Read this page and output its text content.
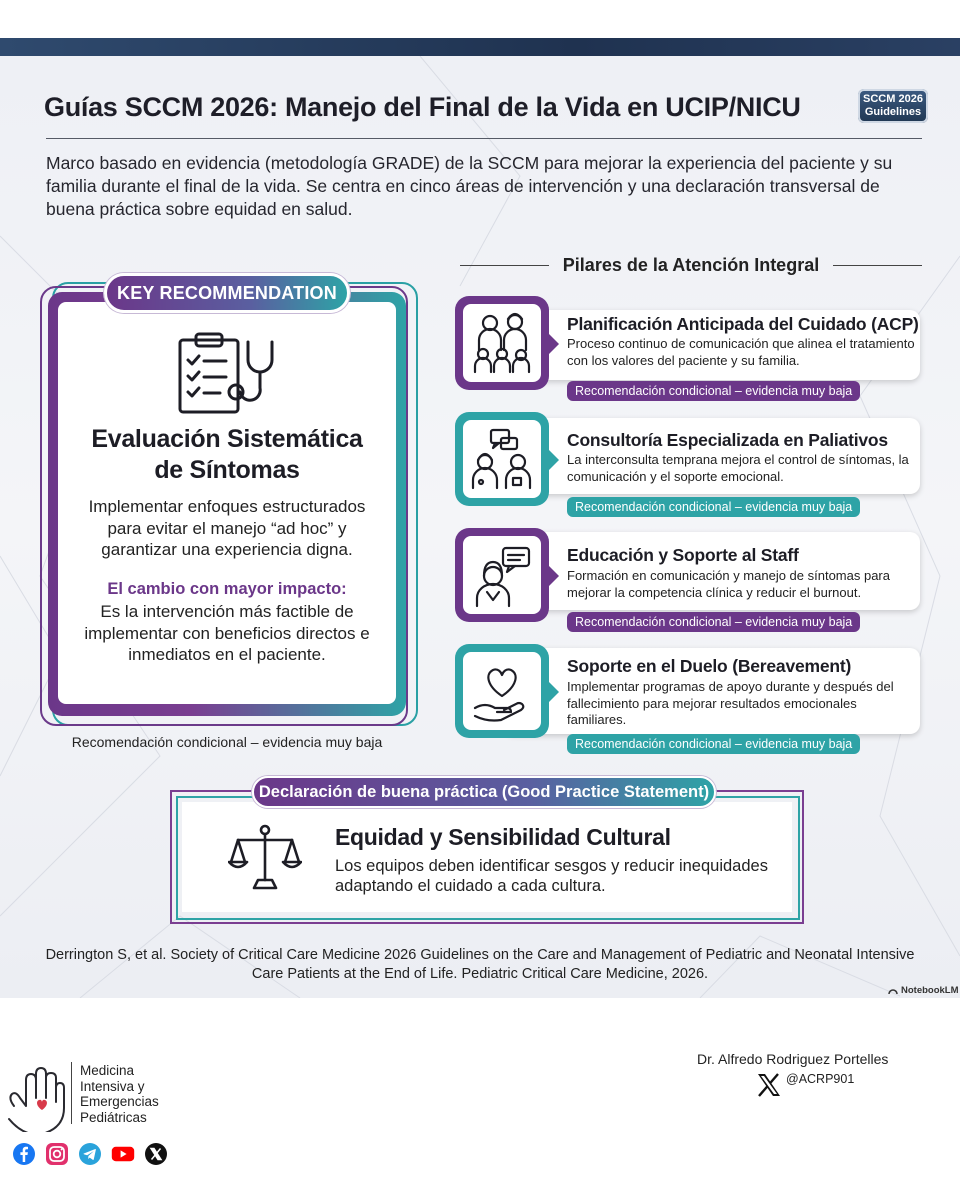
Guías SCCM 2026: Manejo del Final de la Vida en UCIP/NICU	SCCM 2026
Guidelines
Marco basado en evidencia (metodología GRADE) de la SCCM para mejorar la experiencia del paciente y su familia durante el final de la vida. Se centra en cinco áreas de intervención y una declaración transversal de buena práctica sobre equidad en salud.
Pilares de la Atención Integral
KEY RECOMMENDATION
Evaluación Sistemática
de Síntomas
Implementar enfoques estructurados para evitar el manejo “ad hoc” y garantizar una experiencia digna.
El cambio con mayor impacto:
Es la intervención más factible de implementar con beneficios directos e inmediatos en el paciente.
Recomendación condicional – evidencia muy baja
Planificación Anticipada del Cuidado (ACP)
Proceso continuo de comunicación que alinea el tratamiento con los valores del paciente y su familia.
Recomendación condicional – evidencia muy baja
Consultoría Especializada en Paliativos
La interconsulta temprana mejora el control de síntomas, la comunicación y el soporte emocional.
Recomendación condicional – evidencia muy baja
Educación y Soporte al Staff
Formación en comunicación y manejo de síntomas para mejorar la competencia clínica y reducir el burnout.
Recomendación condicional – evidencia muy baja
Soporte en el Duelo (Bereavement)
Implementar programas de apoyo durante y después del fallecimiento para mejorar resultados emocionales familiares.
Recomendación condicional – evidencia muy baja
Declaración de buena práctica (Good Practice Statement)
Equidad y Sensibilidad Cultural
Los equipos deben identificar sesgos y reducir inequidades adaptando el cuidado a cada cultura.
Derrington S, et al. Society of Critical Care Medicine 2026 Guidelines on the Care and Management of Pediatric and Neonatal Intensive Care Patients at the End of Life. Pediatric Critical Care Medicine, 2026.
NotebookLM
Medicina
Intensiva y
Emergencias
Pediátricas
Dr. Alfredo Rodriguez Portelles
@ACRP901
